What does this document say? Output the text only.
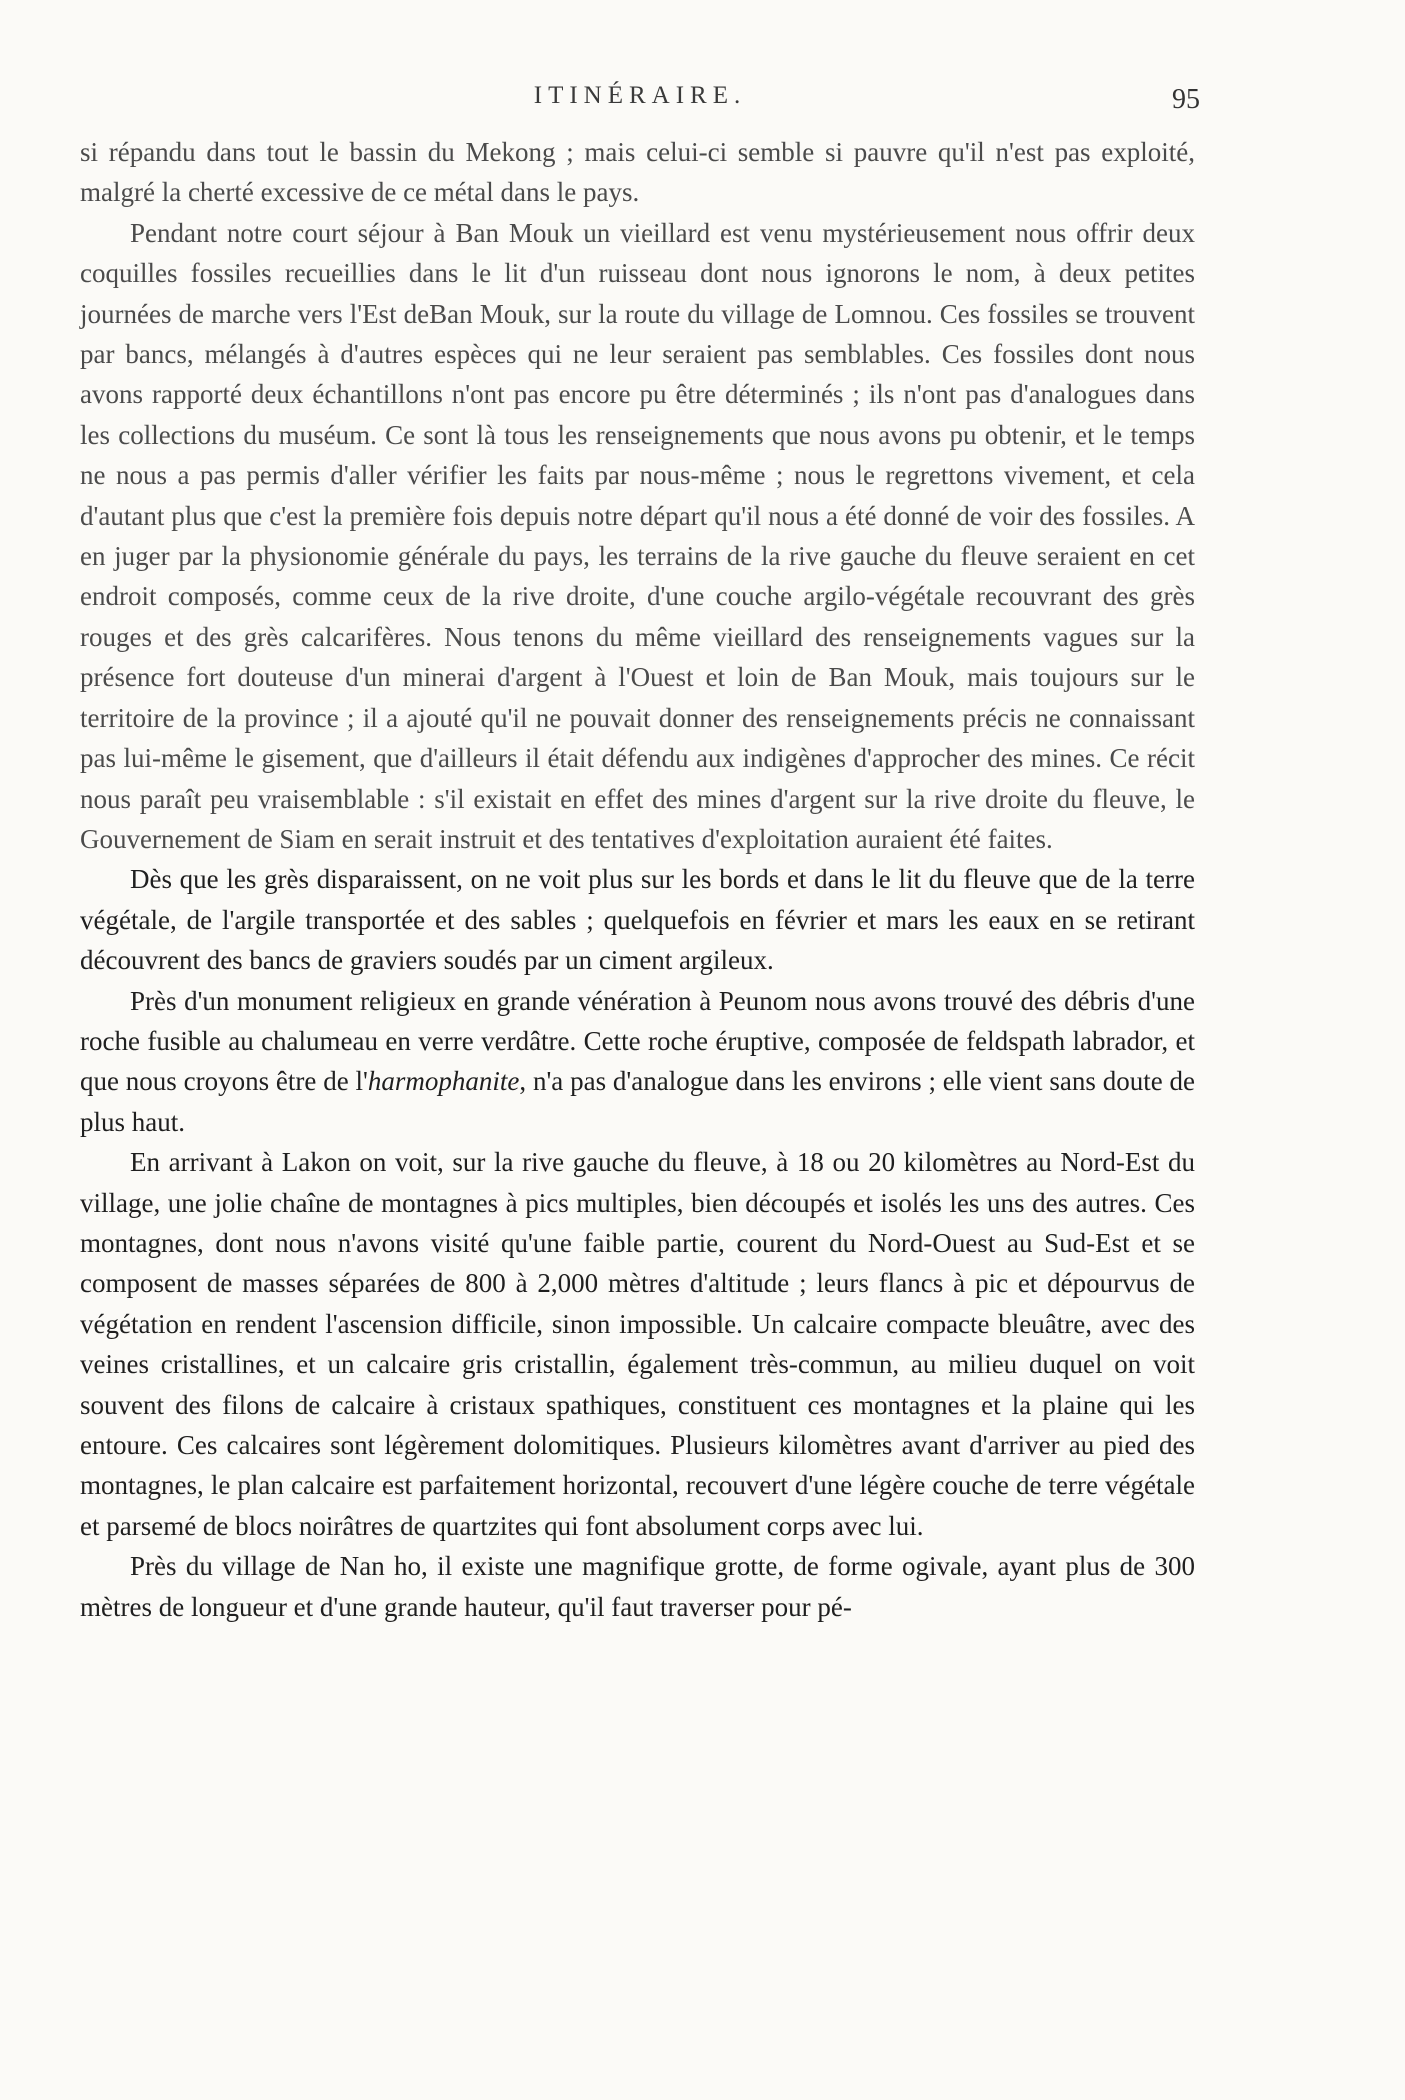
ITINÉRAIRE.	95

si répandu dans tout le bassin du Mekong ; mais celui-ci semble si pauvre qu'il n'est pas exploité, malgré la cherté excessive de ce métal dans le pays.

Pendant notre court séjour à Ban Mouk un vieillard est venu mystérieusement nous offrir deux coquilles fossiles recueillies dans le lit d'un ruisseau dont nous ignorons le nom, à deux petites journées de marche vers l'Est deBan Mouk, sur la route du village de Lomnou. Ces fossiles se trouvent par bancs, mélangés à d'autres espèces qui ne leur seraient pas semblables. Ces fossiles dont nous avons rapporté deux échantillons n'ont pas encore pu être déterminés ; ils n'ont pas d'analogues dans les collections du muséum. Ce sont là tous les renseignements que nous avons pu obtenir, et le temps ne nous a pas permis d'aller vérifier les faits par nous-même ; nous le regrettons vivement, et cela d'autant plus que c'est la première fois depuis notre départ qu'il nous a été donné de voir des fossiles. A en juger par la physionomie générale du pays, les terrains de la rive gauche du fleuve seraient en cet endroit composés, comme ceux de la rive droite, d'une couche argilo-végétale recouvrant des grès rouges et des grès calcarifères. Nous tenons du même vieillard des renseignements vagues sur la présence fort douteuse d'un minerai d'argent à l'Ouest et loin de Ban Mouk, mais toujours sur le territoire de la province ; il a ajouté qu'il ne pouvait donner des renseignements précis ne connaissant pas lui-même le gisement, que d'ailleurs il était défendu aux indigènes d'approcher des mines. Ce récit nous paraît peu vraisemblable : s'il existait en effet des mines d'argent sur la rive droite du fleuve, le Gouvernement de Siam en serait instruit et des tentatives d'exploitation auraient été faites.

Dès que les grès disparaissent, on ne voit plus sur les bords et dans le lit du fleuve que de la terre végétale, de l'argile transportée et des sables ; quelquefois en février et mars les eaux en se retirant découvrent des bancs de graviers soudés par un ciment argileux.

Près d'un monument religieux en grande vénération à Peunom nous avons trouvé des débris d'une roche fusible au chalumeau en verre verdâtre. Cette roche éruptive, composée de feldspath labrador, et que nous croyons être de l'harmophanite, n'a pas d'analogue dans les environs ; elle vient sans doute de plus haut.

En arrivant à Lakon on voit, sur la rive gauche du fleuve, à 18 ou 20 kilomètres au Nord-Est du village, une jolie chaîne de montagnes à pics multiples, bien découpés et isolés les uns des autres. Ces montagnes, dont nous n'avons visité qu'une faible partie, courent du Nord-Ouest au Sud-Est et se composent de masses séparées de 800 à 2,000 mètres d'altitude ; leurs flancs à pic et dépourvus de végétation en rendent l'ascension difficile, sinon impossible. Un calcaire compacte bleuâtre, avec des veines cristallines, et un calcaire gris cristallin, également très-commun, au milieu duquel on voit souvent des filons de calcaire à cristaux spathiques, constituent ces montagnes et la plaine qui les entoure. Ces calcaires sont légèrement dolomitiques. Plusieurs kilomètres avant d'arriver au pied des montagnes, le plan calcaire est parfaitement horizontal, recouvert d'une légère couche de terre végétale et parsemé de blocs noirâtres de quartzites qui font absolument corps avec lui.

Près du village de Nan ho, il existe une magnifique grotte, de forme ogivale, ayant plus de 300 mètres de longueur et d'une grande hauteur, qu'il faut traverser pour pé-
